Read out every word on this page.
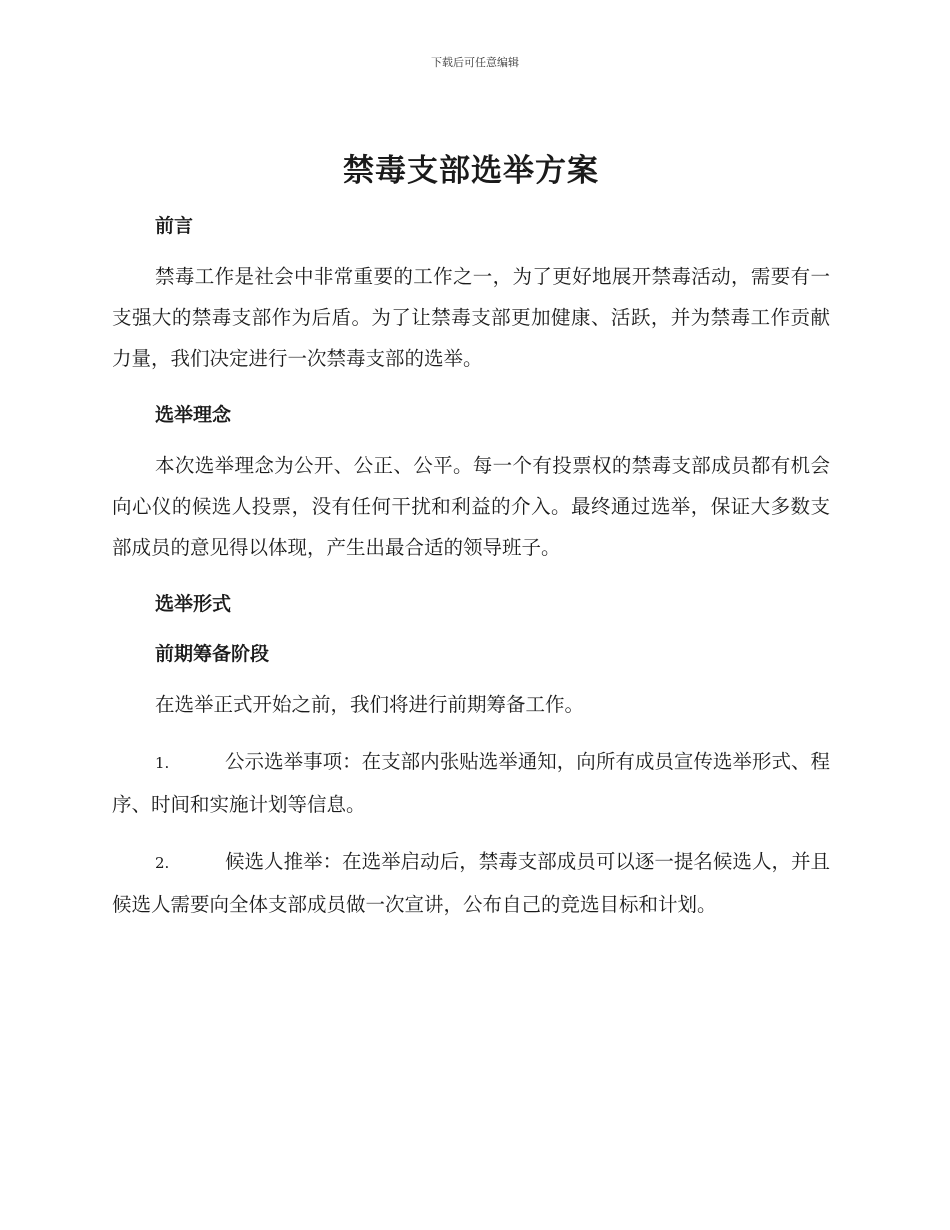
下载后可任意编辑
禁毒支部选举方案
前言

禁毒工作是社会中非常重要的工作之一，为了更好地展开禁毒活动，需要有一支强大的禁毒支部作为后盾。为了让禁毒支部更加健康、活跃，并为禁毒工作贡献力量，我们决定进行一次禁毒支部的选举。

选举理念

本次选举理念为公开、公正、公平。每一个有投票权的禁毒支部成员都有机会向心仪的候选人投票，没有任何干扰和利益的介入。最终通过选举，保证大多数支部成员的意见得以体现，产生出最合适的领导班子。

选举形式
前期筹备阶段

在选举正式开始之前，我们将进行前期筹备工作。

1.	公示选举事项：在支部内张贴选举通知，向所有成员宣传选举形式、程序、时间和实施计划等信息。

2.	候选人推举：在选举启动后，禁毒支部成员可以逐一提名候选人，并且候选人需要向全体支部成员做一次宣讲，公布自己的竞选目标和计划。
